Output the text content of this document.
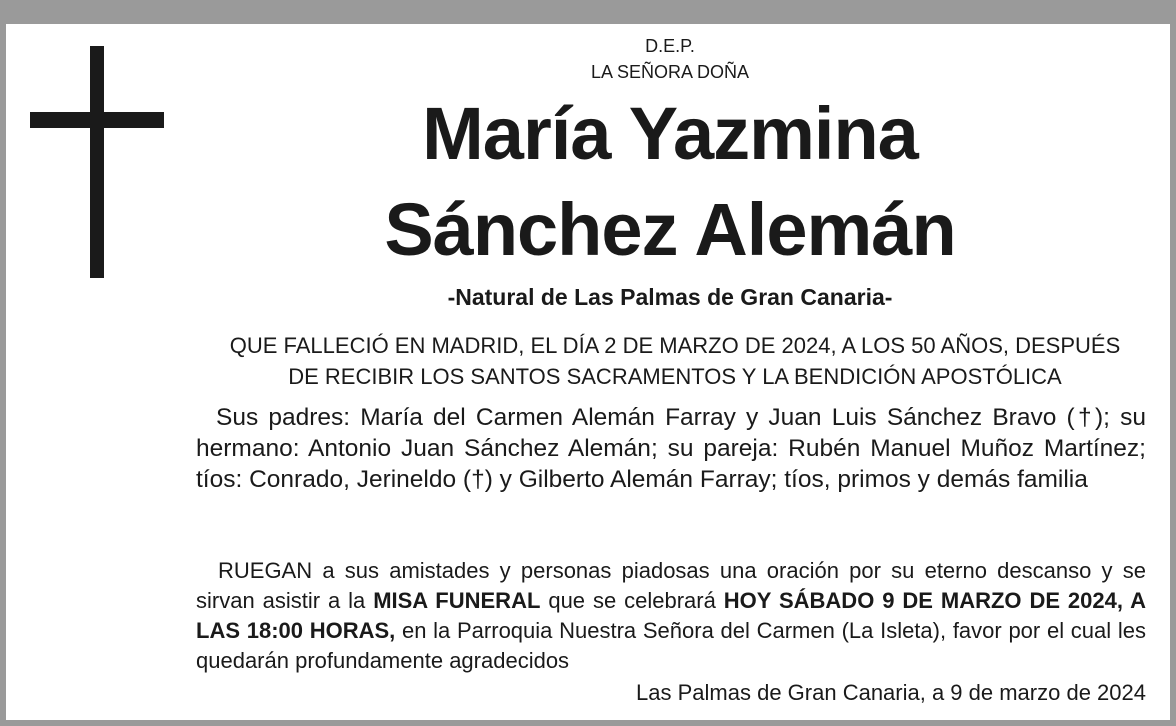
D.E.P.
LA SEÑORA DOÑA
María Yazmina
Sánchez Alemán
-Natural de Las Palmas de Gran Canaria-
QUE FALLECIÓ EN MADRID, EL DÍA 2 DE MARZO DE 2024, A LOS 50 AÑOS, DESPUÉS
DE RECIBIR LOS SANTOS SACRAMENTOS Y LA BENDICIÓN APOSTÓLICA
Sus padres: María del Carmen Alemán Farray y Juan Luis Sánchez Bravo (†); su hermano: Antonio Juan Sánchez Alemán; su pareja: Rubén Manuel Muñoz Martínez; tíos: Conrado, Jerineldo (†) y Gilberto Alemán Farray; tíos, primos y demás familia
RUEGAN a sus amistades y personas piadosas una oración por su eterno descanso y se sirvan asistir a la MISA FUNERAL que se celebrará HOY SÁBADO 9 DE MARZO DE 2024, A LAS 18:00 HORAS, en la Parroquia Nuestra Señora del Carmen (La Isleta), favor por el cual les quedarán profundamente agradecidos
Las Palmas de Gran Canaria, a 9 de marzo de 2024
